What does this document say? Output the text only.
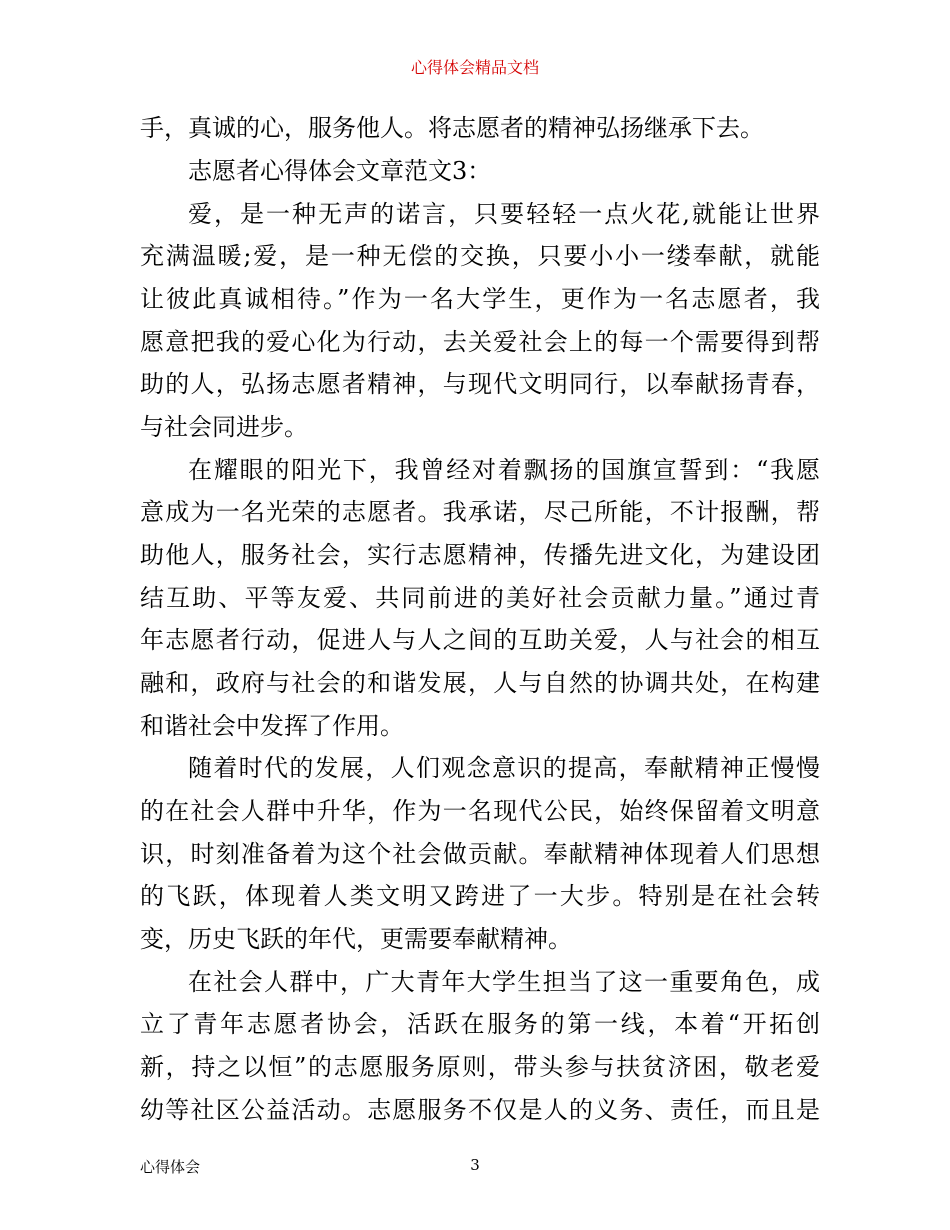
心得体会精品文档
手，真诚的心，服务他人。将志愿者的精神弘扬继承下去。
志愿者心得体会文章范文3：
爱，是一种无声的诺言，只要轻轻一点火花,就能让世界
充满温暖;爱，是一种无偿的交换，只要小小一缕奉献，就能
让彼此真诚相待。”作为一名大学生，更作为一名志愿者，我
愿意把我的爱心化为行动，去关爱社会上的每一个需要得到帮
助的人，弘扬志愿者精神，与现代文明同行，以奉献扬青春，
与社会同进步。
在耀眼的阳光下，我曾经对着飘扬的国旗宣誓到：“我愿
意成为一名光荣的志愿者。我承诺，尽己所能，不计报酬，帮
助他人，服务社会，实行志愿精神，传播先进文化，为建设团
结互助、平等友爱、共同前进的美好社会贡献力量。”通过青
年志愿者行动，促进人与人之间的互助关爱，人与社会的相互
融和，政府与社会的和谐发展，人与自然的协调共处，在构建
和谐社会中发挥了作用。
随着时代的发展，人们观念意识的提高，奉献精神正慢慢
的在社会人群中升华，作为一名现代公民，始终保留着文明意
识，时刻准备着为这个社会做贡献。奉献精神体现着人们思想
的飞跃，体现着人类文明又跨进了一大步。特别是在社会转
变，历史飞跃的年代，更需要奉献精神。
在社会人群中，广大青年大学生担当了这一重要角色，成
立了青年志愿者协会，活跃在服务的第一线，本着“开拓创
新，持之以恒”的志愿服务原则，带头参与扶贫济困，敬老爱
幼等社区公益活动。志愿服务不仅是人的义务、责任，而且是
心得体会	3
